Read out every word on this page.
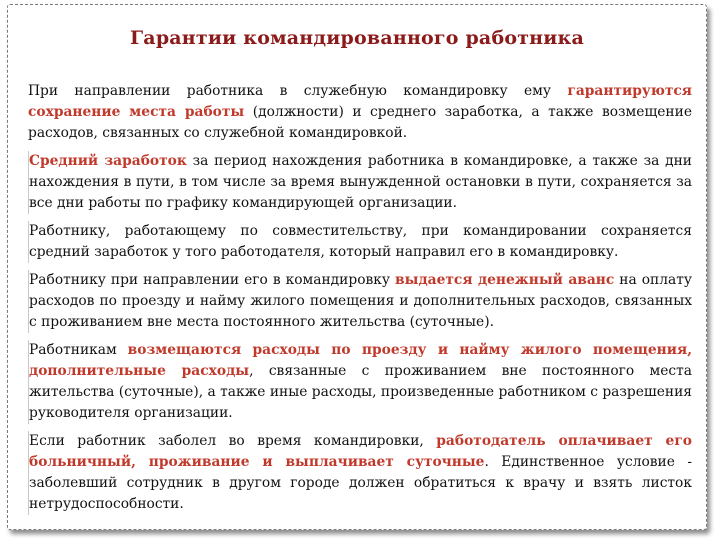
Гарантии командированного работника

При направлении работника в служебную командировку ему гарантируются сохранение места работы (должности) и среднего заработка, а также возмещение расходов, связанных со служебной командировкой.

Средний заработок за период нахождения работника в командировке, а также за дни нахождения в пути, в том числе за время вынужденной остановки в пути, сохраняется за все дни работы по графику командирующей организации.

Работнику, работающему по совместительству, при командировании сохраняется средний заработок у того работодателя, который направил его в командировку.

Работнику при направлении его в командировку выдается денежный аванс на оплату расходов по проезду и найму жилого помещения и дополнительных расходов, связанных с проживанием вне места постоянного жительства (суточные).

Работникам возмещаются расходы по проезду и найму жилого помещения, дополнительные расходы, связанные с проживанием вне постоянного места жительства (суточные), а также иные расходы, произведенные работником с разрешения руководителя организации.

Если работник заболел во время командировки, работодатель оплачивает его больничный, проживание и выплачивает суточные. Единственное условие - заболевший сотрудник в другом городе должен обратиться к врачу и взять листок нетрудоспособности.
